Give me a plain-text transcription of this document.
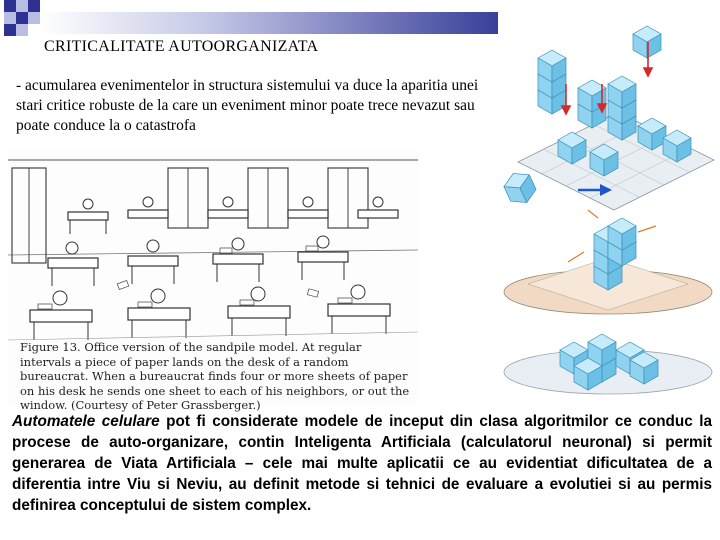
CRITICALITATE AUTOORGANIZATA
- acumularea evenimentelor in structura sistemului va duce la aparitia unei stari critice robuste de la care un eveniment minor poate trece nevazut sau poate conduce la o catastrofa
Figure 13. Office version of the sandpile model. At regular intervals a piece of paper lands on the desk of a random bureaucrat. When a bureaucrat finds four or more sheets of paper on his desk he sends one sheet to each of his neighbors, or out the window. (Courtesy of Peter Grassberger.)
Automatele celulare pot fi considerate modele de inceput din clasa algoritmilor ce conduc la procese de auto-organizare, contin Inteligenta Artificiala (calculatorul neuronal) si permit generarea de Viata Artificiala – cele mai multe aplicatii ce au evidentiat dificultatea de a diferentia intre Viu si Neviu, au definit metode si tehnici de evaluare a evolutiei si au permis definirea conceptului de sistem complex.
